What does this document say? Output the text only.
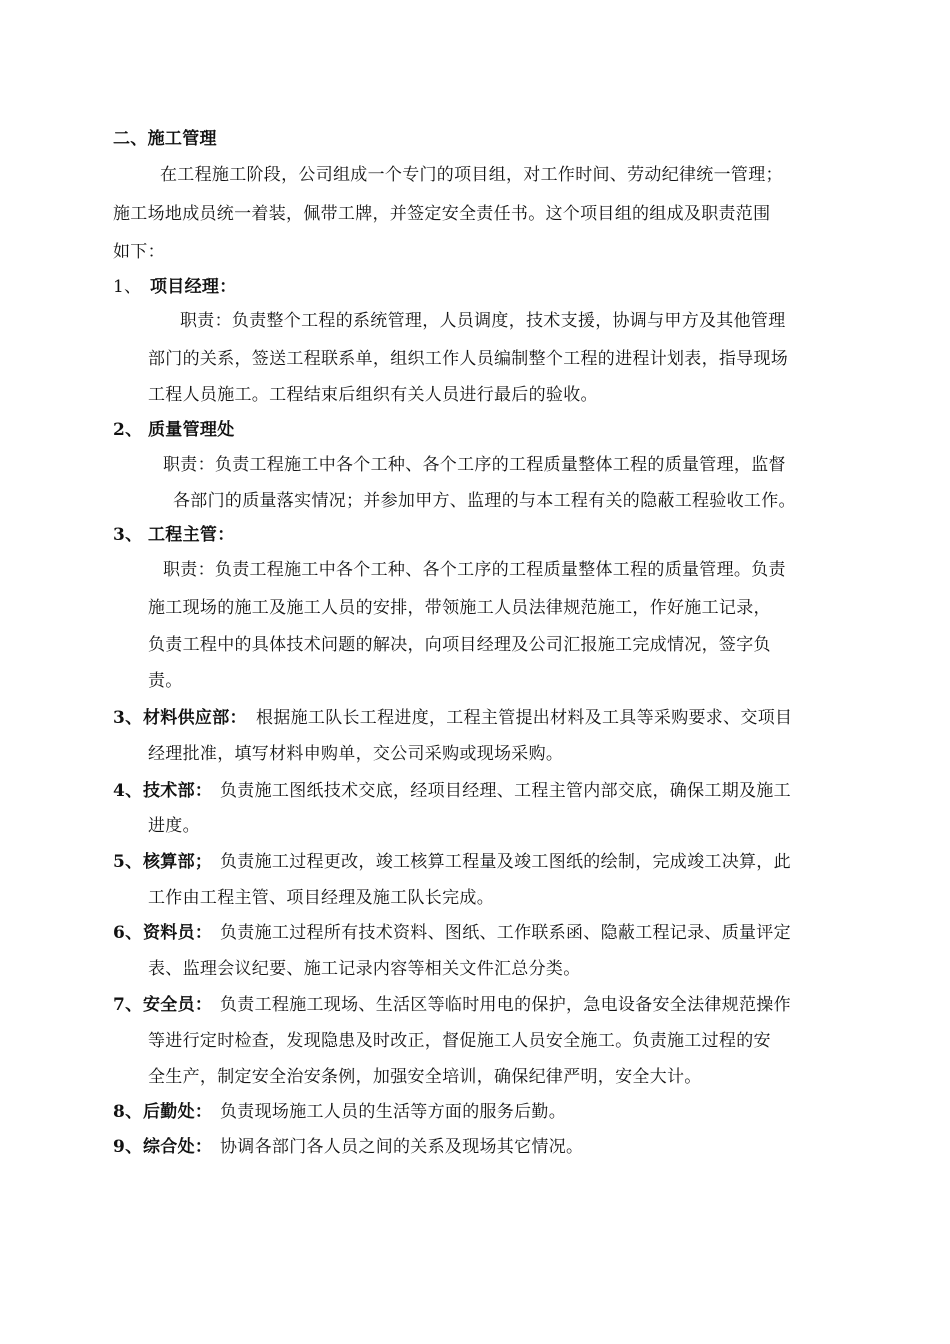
二、施工管理
在工程施工阶段，公司组成一个专门的项目组，对工作时间、劳动纪律统一管理；
施工场地成员统一着装，佩带工牌，并签定安全责任书。这个项目组的组成及职责范围
如下：
1、 项目经理：
职责：负责整个工程的系统管理，人员调度，技术支援，协调与甲方及其他管理
部门的关系，签送工程联系单，组织工作人员编制整个工程的进程计划表，指导现场
工程人员施工。工程结束后组织有关人员进行最后的验收。
2、 质量管理处
职责：负责工程施工中各个工种、各个工序的工程质量整体工程的质量管理，监督
各部门的质量落实情况；并参加甲方、监理的与本工程有关的隐蔽工程验收工作。
3、 工程主管：
职责：负责工程施工中各个工种、各个工序的工程质量整体工程的质量管理。负责
施工现场的施工及施工人员的安排，带领施工人员法律规范施工，作好施工记录，
负责工程中的具体技术问题的解决，向项目经理及公司汇报施工完成情况，签字负
责。
3、 材料供应部： 根据施工队长工程进度，工程主管提出材料及工具等采购要求、交项目
经理批准，填写材料申购单，交公司采购或现场采购。
4、 技术部： 负责施工图纸技术交底，经项目经理、工程主管内部交底，确保工期及施工
进度。
5、 核算部； 负责施工过程更改，竣工核算工程量及竣工图纸的绘制，完成竣工决算，此
工作由工程主管、项目经理及施工队长完成。
6、 资料员： 负责施工过程所有技术资料、图纸、工作联系函、隐蔽工程记录、质量评定
表、监理会议纪要、施工记录内容等相关文件汇总分类。
7、 安全员： 负责工程施工现场、生活区等临时用电的保护，急电设备安全法律规范操作
等进行定时检查，发现隐患及时改正，督促施工人员安全施工。负责施工过程的安
全生产，制定安全治安条例，加强安全培训，确保纪律严明，安全大计。
8、 后勤处： 负责现场施工人员的生活等方面的服务后勤。
9、 综合处： 协调各部门各人员之间的关系及现场其它情况。
